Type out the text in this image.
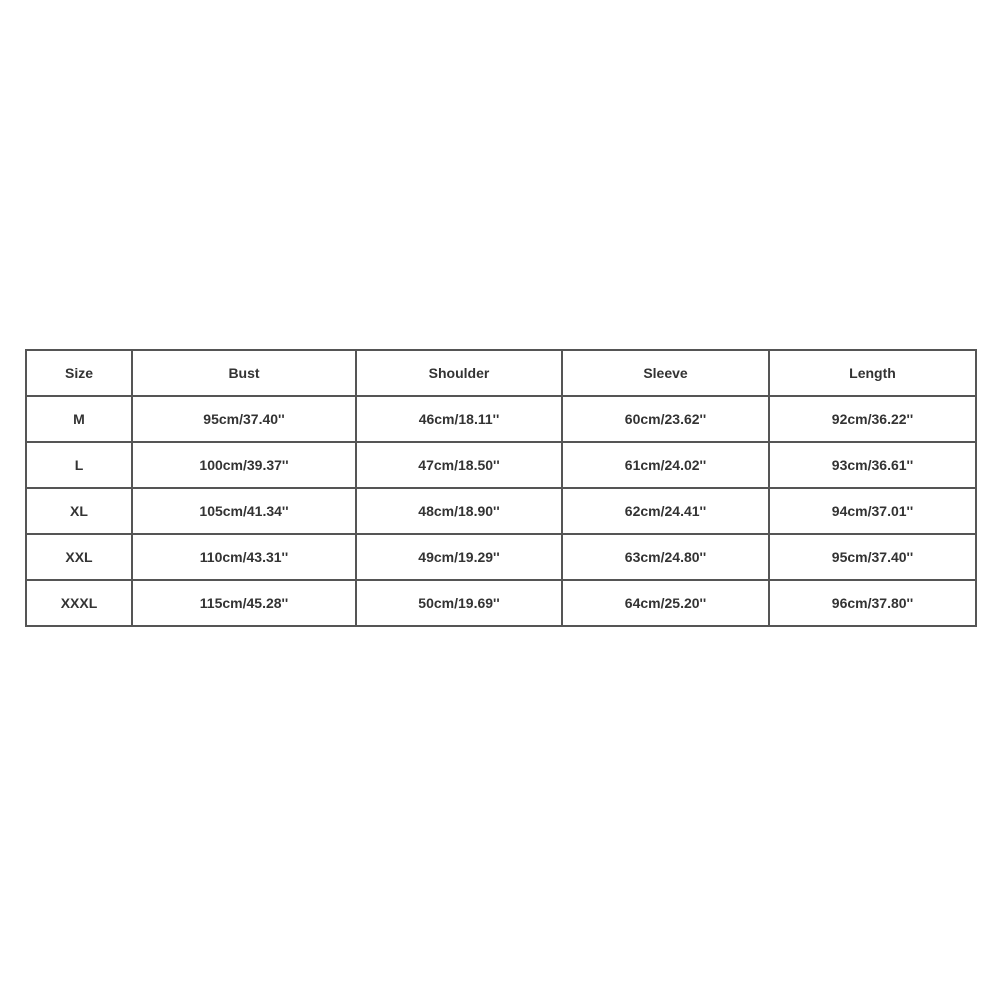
Size	Bust	Shoulder	Sleeve	Length
M	95cm/37.40''	46cm/18.11''	60cm/23.62''	92cm/36.22''
L	100cm/39.37''	47cm/18.50''	61cm/24.02''	93cm/36.61''
XL	105cm/41.34''	48cm/18.90''	62cm/24.41''	94cm/37.01''
XXL	110cm/43.31''	49cm/19.29''	63cm/24.80''	95cm/37.40''
XXXL	115cm/45.28''	50cm/19.69''	64cm/25.20''	96cm/37.80''
